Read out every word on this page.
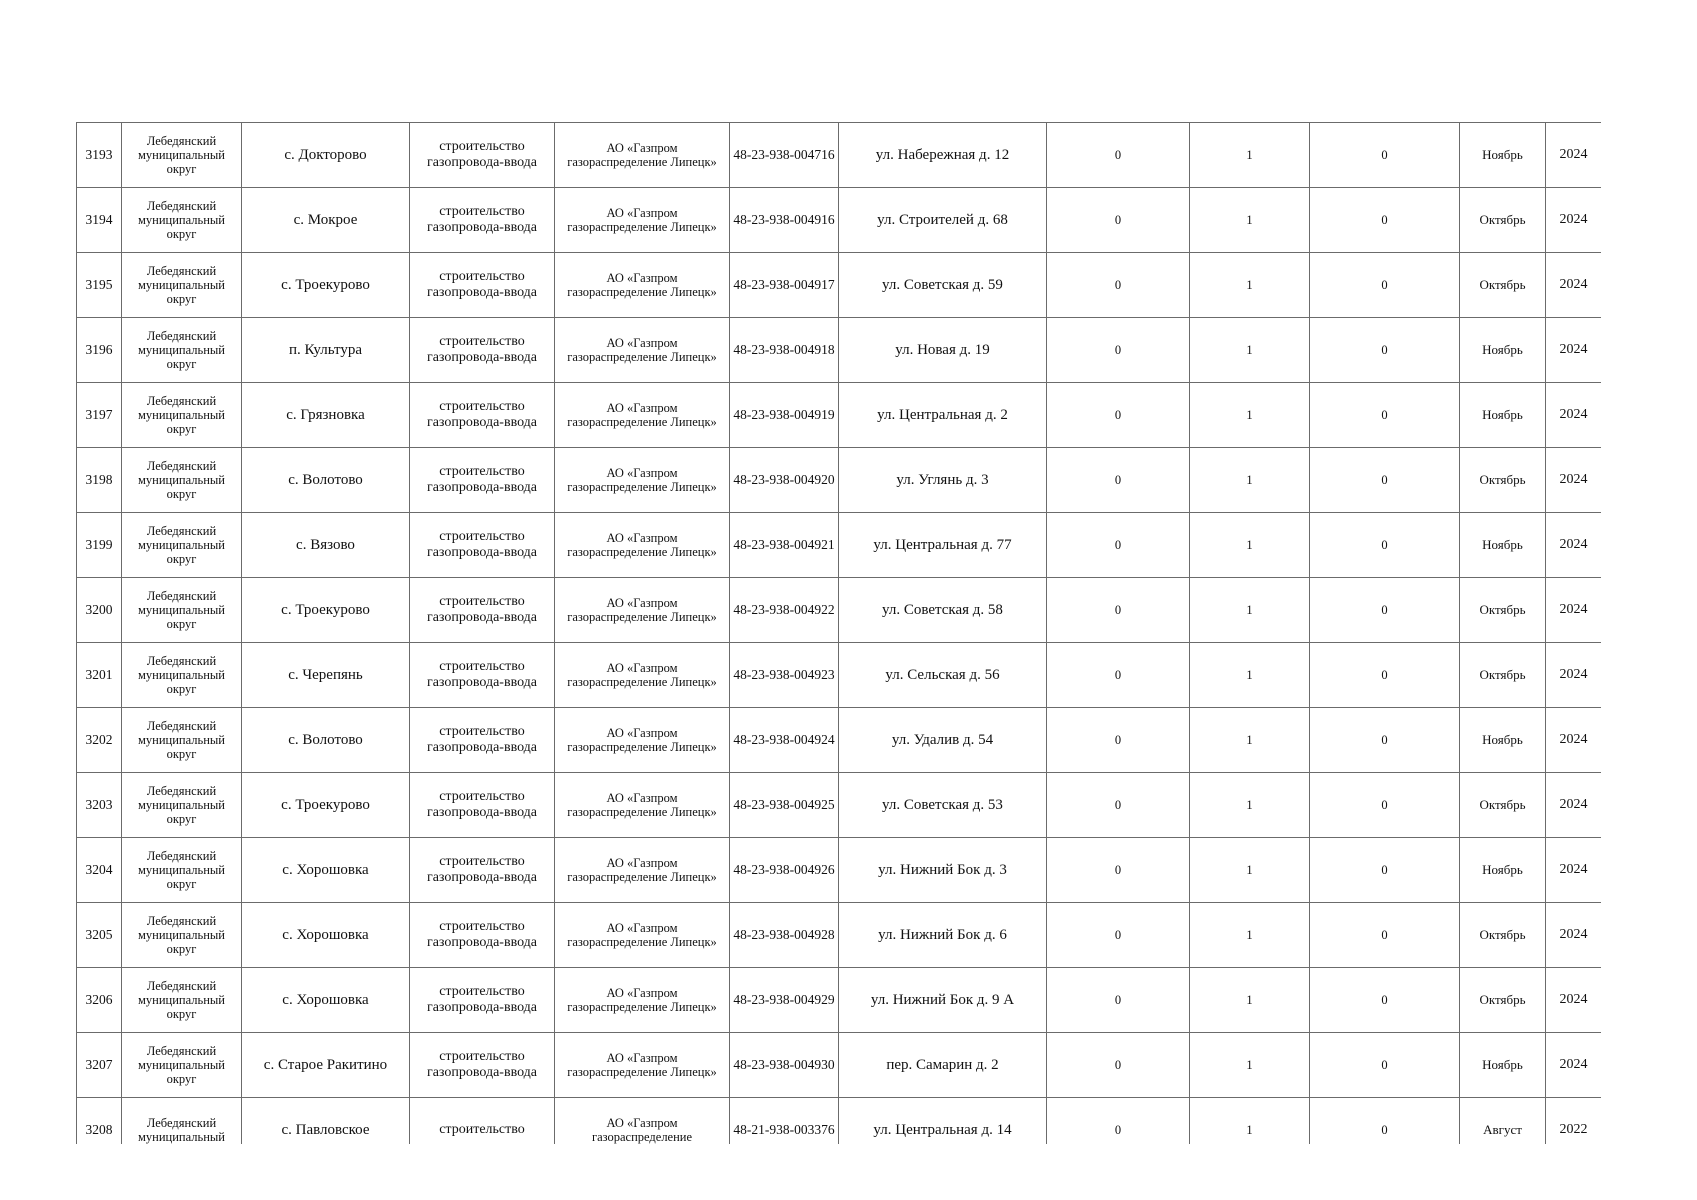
3193	Лебедянский муниципальный округ	с. Докторово	строительство газопровода-ввода	АО «Газпром газораспределение Липецк»	48-23-938-004716	ул. Набережная д. 12	0	1	0	Ноябрь	2024
3194	Лебедянский муниципальный округ	с. Мокрое	строительство газопровода-ввода	АО «Газпром газораспределение Липецк»	48-23-938-004916	ул. Строителей д. 68	0	1	0	Октябрь	2024
3195	Лебедянский муниципальный округ	с. Троекурово	строительство газопровода-ввода	АО «Газпром газораспределение Липецк»	48-23-938-004917	ул. Советская д. 59	0	1	0	Октябрь	2024
3196	Лебедянский муниципальный округ	п. Культура	строительство газопровода-ввода	АО «Газпром газораспределение Липецк»	48-23-938-004918	ул. Новая д. 19	0	1	0	Ноябрь	2024
3197	Лебедянский муниципальный округ	с. Грязновка	строительство газопровода-ввода	АО «Газпром газораспределение Липецк»	48-23-938-004919	ул. Центральная д. 2	0	1	0	Ноябрь	2024
3198	Лебедянский муниципальный округ	с. Волотово	строительство газопровода-ввода	АО «Газпром газораспределение Липецк»	48-23-938-004920	ул. Углянь д. 3	0	1	0	Октябрь	2024
3199	Лебедянский муниципальный округ	с. Вязово	строительство газопровода-ввода	АО «Газпром газораспределение Липецк»	48-23-938-004921	ул. Центральная д. 77	0	1	0	Ноябрь	2024
3200	Лебедянский муниципальный округ	с. Троекурово	строительство газопровода-ввода	АО «Газпром газораспределение Липецк»	48-23-938-004922	ул. Советская д. 58	0	1	0	Октябрь	2024
3201	Лебедянский муниципальный округ	с. Черепянь	строительство газопровода-ввода	АО «Газпром газораспределение Липецк»	48-23-938-004923	ул. Сельская д. 56	0	1	0	Октябрь	2024
3202	Лебедянский муниципальный округ	с. Волотово	строительство газопровода-ввода	АО «Газпром газораспределение Липецк»	48-23-938-004924	ул. Удалив д. 54	0	1	0	Ноябрь	2024
3203	Лебедянский муниципальный округ	с. Троекурово	строительство газопровода-ввода	АО «Газпром газораспределение Липецк»	48-23-938-004925	ул. Советская д. 53	0	1	0	Октябрь	2024
3204	Лебедянский муниципальный округ	с. Хорошовка	строительство газопровода-ввода	АО «Газпром газораспределение Липецк»	48-23-938-004926	ул. Нижний Бок д. 3	0	1	0	Ноябрь	2024
3205	Лебедянский муниципальный округ	с. Хорошовка	строительство газопровода-ввода	АО «Газпром газораспределение Липецк»	48-23-938-004928	ул. Нижний Бок д. 6	0	1	0	Октябрь	2024
3206	Лебедянский муниципальный округ	с. Хорошовка	строительство газопровода-ввода	АО «Газпром газораспределение Липецк»	48-23-938-004929	ул. Нижний Бок д. 9 А	0	1	0	Октябрь	2024
3207	Лебедянский муниципальный округ	с. Старое Ракитино	строительство газопровода-ввода	АО «Газпром газораспределение Липецк»	48-23-938-004930	пер. Самарин д. 2	0	1	0	Ноябрь	2024
3208	Лебедянский муниципальный	с. Павловское	строительство	АО «Газпром газораспределение	48-21-938-003376	ул. Центральная д. 14	0	1	0	Август	2022
